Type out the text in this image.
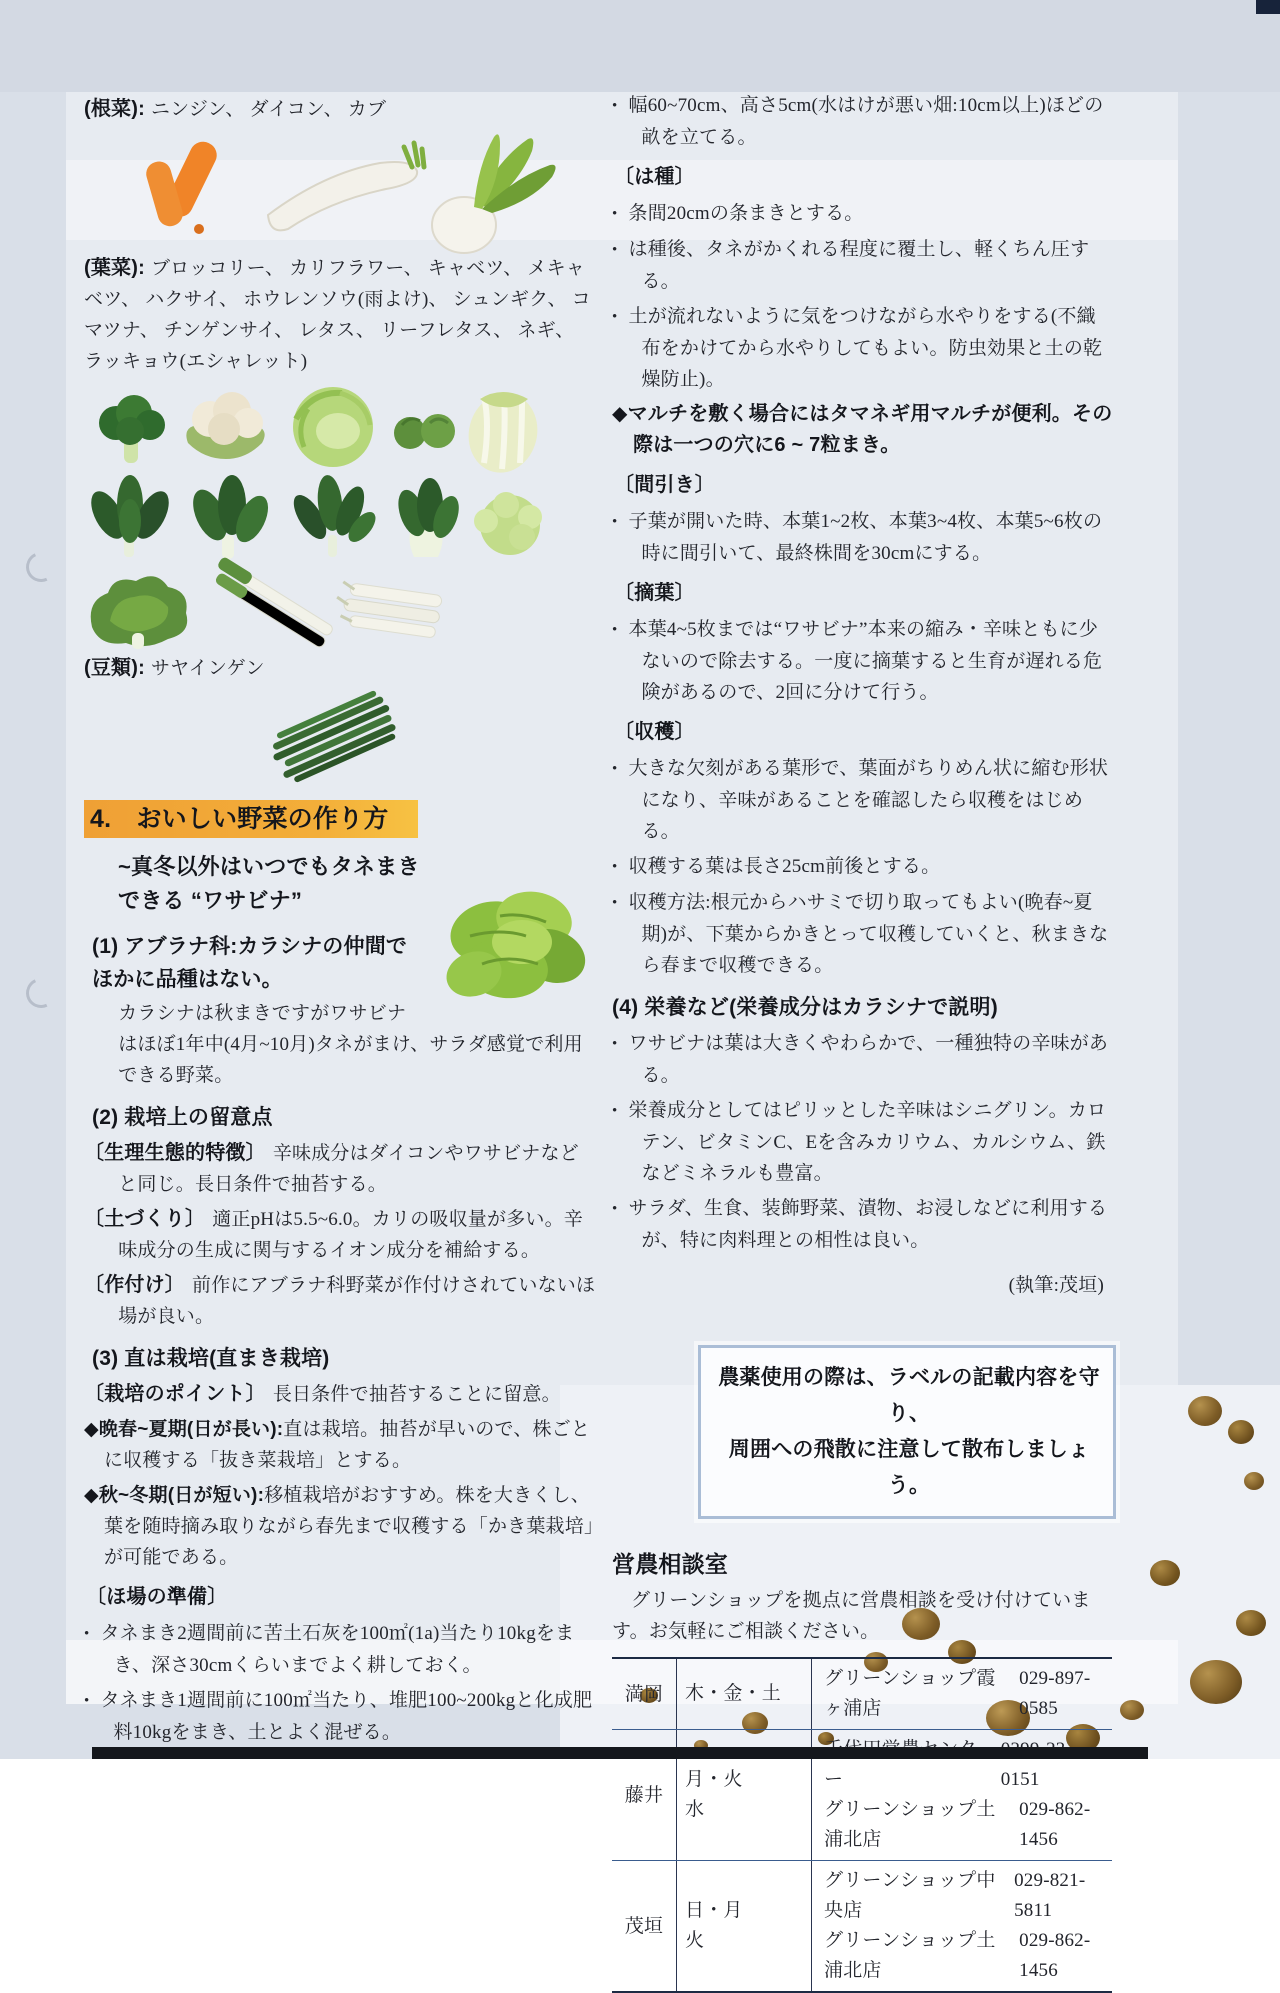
(根菜): ニンジン、 ダイコン、 カブ

(葉菜): ブロッコリー、 カリフラワー、 キャベツ、 メキャベツ、 ハクサイ、 ホウレンソウ(雨よけ)、 シュンギク、 コマツナ、 チンゲンサイ、 レタス、 リーフレタス、 ネギ、 ラッキョウ(エシャレット)

(豆類): サヤインゲン

4.　おいしい野菜の作り方
~真冬以外はいつでもタネまき
できる “ワサビナ”

(1) アブラナ科:カラシナの仲間でほかに品種はない。

カラシナは秋まきですがワサビナはほぼ1年中(4月~10月)タネがまけ、サラダ感覚で利用できる野菜。

(2) 栽培上の留意点

〔生理生態的特徴〕 辛味成分はダイコンやワサビナなどと同じ。長日条件で抽苔する。

〔土づくり〕 適正pHは5.5~6.0。カリの吸収量が多い。辛味成分の生成に関与するイオン成分を補給する。

〔作付け〕 前作にアブラナ科野菜が作付けされていないほ場が良い。

(3) 直は栽培(直まき栽培)

〔栽培のポイント〕 長日条件で抽苔することに留意。

◆晩春~夏期(日が長い):直は栽培。抽苔が早いので、株ごとに収穫する「抜き菜栽培」とする。

◆秋~冬期(日が短い):移植栽培がおすすめ。株を大きくし、葉を随時摘み取りながら春先まで収穫する「かき葉栽培」が可能である。

〔ほ場の準備〕

• タネまき2週間前に苦土石灰を100㎡(1a)当たり10kgをまき、深さ30cmくらいまでよく耕しておく。

• タネまき1週間前に100㎡当たり、堆肥100~200kgと化成肥料10kgをまき、土とよく混ぜる。

• 幅60~70cm、高さ5cm(水はけが悪い畑:10cm以上)ほどの畝を立てる。

〔は種〕

• 条間20cmの条まきとする。

• は種後、タネがかくれる程度に覆土し、軽くちん圧する。

• 土が流れないように気をつけながら水やりをする(不織布をかけてから水やりしてもよい。防虫効果と土の乾燥防止)。

◆マルチを敷く場合にはタマネギ用マルチが便利。その際は一つの穴に6 ~ 7粒まき。

〔間引き〕

• 子葉が開いた時、本葉1~2枚、本葉3~4枚、本葉5~6枚の時に間引いて、最終株間を30cmにする。

〔摘葉〕

• 本葉4~5枚までは“ワサビナ”本来の縮み・辛味ともに少ないので除去する。一度に摘葉すると生育が遅れる危険があるので、2回に分けて行う。

〔収穫〕

• 大きな欠刻がある葉形で、葉面がちりめん状に縮む形状になり、辛味があることを確認したら収穫をはじめる。

• 収穫する葉は長さ25cm前後とする。

• 収穫方法:根元からハサミで切り取ってもよい(晩春~夏期)が、下葉からかきとって収穫していくと、秋まきなら春まで収穫できる。

(4) 栄養など(栄養成分はカラシナで説明)

• ワサビナは葉は大きくやわらかで、一種独特の辛味がある。

• 栄養成分としてはピリッとした辛味はシニグリン。カロテン、ビタミンC、Eを含みカリウム、カルシウム、鉄などミネラルも豊富。

• サラダ、生食、装飾野菜、漬物、お浸しなどに利用するが、特に肉料理との相性は良い。

(執筆:茂垣)

農薬使用の際は、ラベルの記載内容を守り、
周囲への飛散に注意して散布しましょう。

営農相談室

グリーンショップを拠点に営農相談を受け付けています。お気軽にご相談ください。

満岡	木・金・土
グリーンショップ霞ヶ浦店
029-897-0585
藤井
月・火
水
ー	0151
グリーンショップ土浦北店
029-862-1456
茂垣
日・月
火
グリーンショップ中央店
029-821-5811
グリーンショップ土浦北店
029-862-1456
